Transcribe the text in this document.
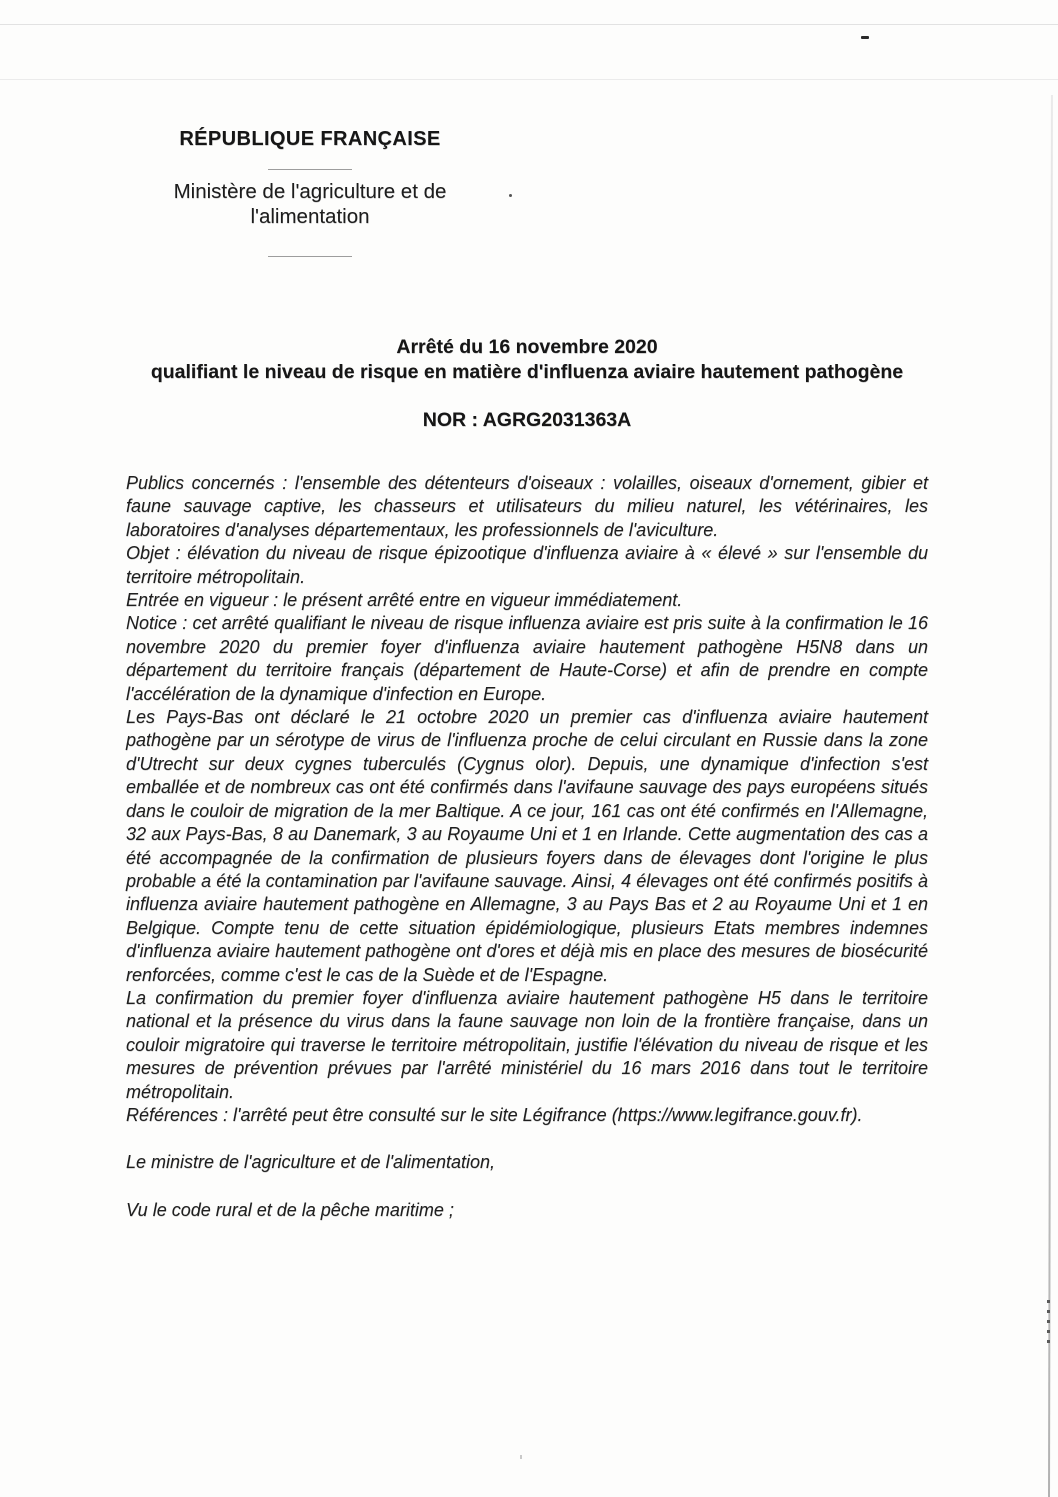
RÉPUBLIQUE FRANÇAISE
Ministère de l'agriculture et de
l'alimentation
Arrêté du 16 novembre 2020
qualifiant le niveau de risque en matière d'influenza aviaire hautement pathogène
NOR : AGRG2031363A

Publics concernés : l'ensemble des détenteurs d'oiseaux : volailles, oiseaux d'ornement, gibier et faune sauvage captive, les chasseurs et utilisateurs du milieu naturel, les vétérinaires, les laboratoires d'analyses départementaux, les professionnels de l'aviculture.

Objet : élévation du niveau de risque épizootique d'influenza aviaire à « élevé » sur l'ensemble du territoire métropolitain.

Entrée en vigueur : le présent arrêté entre en vigueur immédiatement.

Notice : cet arrêté qualifiant le niveau de risque influenza aviaire est pris suite à la confirmation le 16 novembre 2020 du premier foyer d'influenza aviaire hautement pathogène H5N8 dans un département du territoire français (département de Haute-Corse) et afin de prendre en compte l'accélération de la dynamique d'infection en Europe.

Les Pays-Bas ont déclaré le 21 octobre 2020 un premier cas d'influenza aviaire hautement pathogène par un sérotype de virus de l'influenza proche de celui circulant en Russie dans la zone d'Utrecht sur deux cygnes tuberculés (Cygnus olor). Depuis, une dynamique d'infection s'est emballée et de nombreux cas ont été confirmés dans l'avifaune sauvage des pays européens situés dans le couloir de migration de la mer Baltique. A ce jour, 161 cas ont été confirmés en l'Allemagne, 32 aux Pays-Bas, 8 au Danemark, 3 au Royaume Uni et 1 en Irlande. Cette augmentation des cas a été accompagnée de la confirmation de plusieurs foyers dans de élevages dont l'origine le plus probable a été la contamination par l'avifaune sauvage. Ainsi, 4 élevages ont été confirmés positifs à influenza aviaire hautement pathogène en Allemagne, 3 au Pays Bas et 2 au Royaume Uni et 1 en Belgique. Compte tenu de cette situation épidémiologique, plusieurs Etats membres indemnes d'influenza aviaire hautement pathogène ont d'ores et déjà mis en place des mesures de biosécurité renforcées, comme c'est le cas de la Suède et de l'Espagne.

La confirmation du premier foyer d'influenza aviaire hautement pathogène H5 dans le territoire national et la présence du virus dans la faune sauvage non loin de la frontière française, dans un couloir migratoire qui traverse le territoire métropolitain, justifie l'élévation du niveau de risque et les mesures de prévention prévues par l'arrêté ministériel du 16 mars 2016 dans tout le territoire métropolitain.

Références : l'arrêté peut être consulté sur le site Légifrance (https://www.legifrance.gouv.fr).

Le ministre de l'agriculture et de l'alimentation,

Vu le code rural et de la pêche maritime ;
